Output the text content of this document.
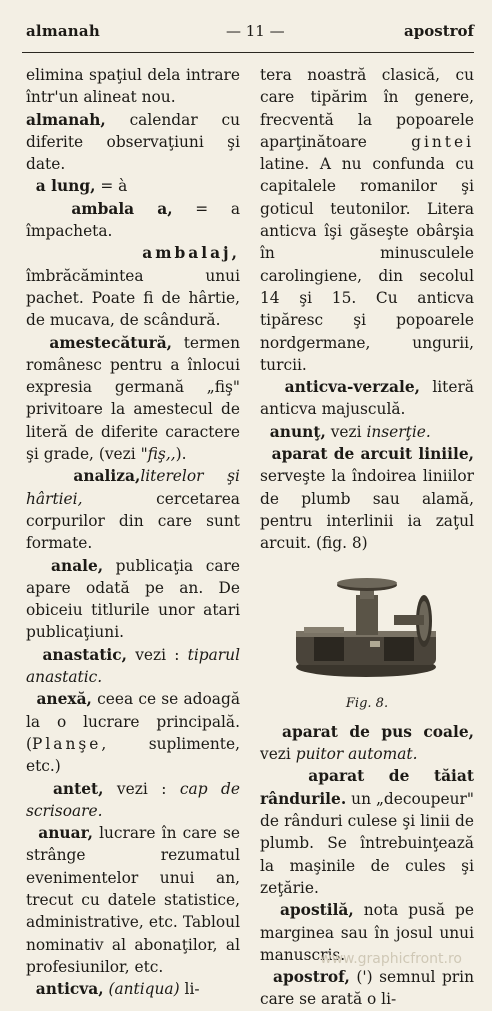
almanah	— 11 —	apostrof
elimina spaţiul dela intrare într'un alineat nou.
almanah, calendar cu diferite observaţiuni şi date.
a lung, = à
ambala a, = a împacheta.
ambalaj, îmbrăcămintea unui pachet. Poate fi de hârtie, de mucava, de scândură.
amestecătură, termen românesc pentru a înlocui expresia germană „fiş" privitoare la amestecul de literă de diferite caractere şi grade, (vezi "fiş,,).
analiza,literelor şi hârtiei, cercetarea corpurilor din care sunt formate.
anale, publicaţia care apare odată pe an. De obiceiu titlurile unor atari publicaţiuni.
anastatic, vezi : tiparul anastatic.
anexă, ceea ce se adoagă la o lucrare principală. (Planşe, suplimente, etc.)
antet, vezi : cap de scrisoare.
anuar, lucrare în care se strânge rezumatul evenimentelor unui an, trecut cu datele statistice, administrative, etc. Tabloul nominativ al abonaţilor, al profesiunilor, etc.
anticva, (antiqua) li-
tera noastră clasică, cu care tipărim în genere, frecventă la popoarele aparţinătoare gintei latine. A nu confunda cu capitalele romanilor şi goticul teutonilor. Litera anticva îşi găseşte obârşia în minusculele carolingiene, din secolul 14 şi 15. Cu anticva tipăresc şi popoarele nordgermane, ungurii, turcii.
anticva-verzale, literă anticva majusculă.
anunţ, vezi inserţie.
aparat de arcuit liniile, serveşte la îndoirea liniilor de plumb sau alamă, pentru interlinii ia zaţul arcuit. (fig. 8)
Fig. 8.
aparat de pus coale, vezi puitor automat.
aparat de tăiat rândurile. un „decoupeur" de rânduri culese şi linii de plumb. Se întrebuinţează la maşinile de cules şi zeţărie.
apostilă, nota pusă pe marginea sau în josul unui manuscris.
apostrof, (') semnul prin care se arată o li-
www.graphicfront.ro
